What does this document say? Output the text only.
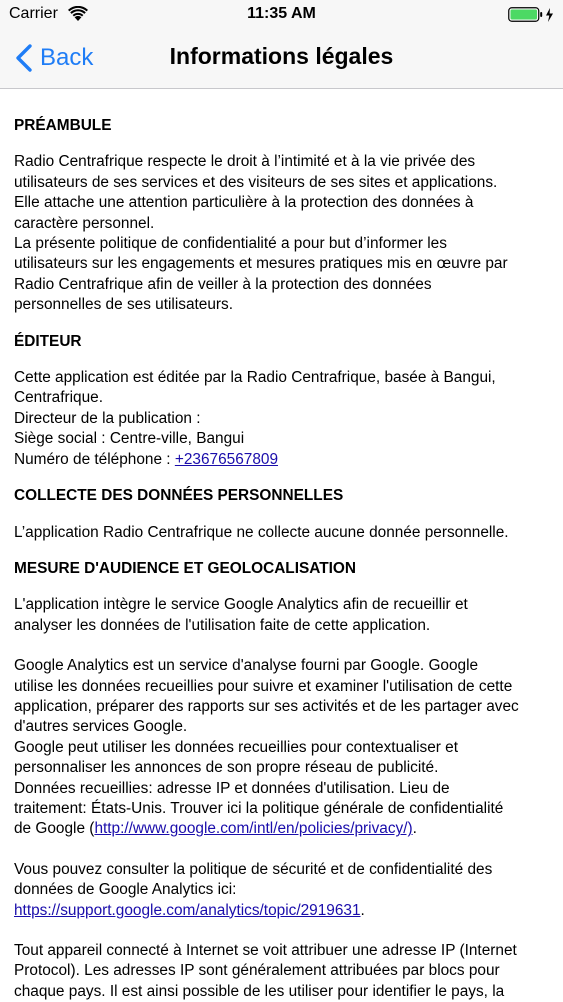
Carrier	11:35 AM
Back	Informations légales

PRÉAMBULE

Radio Centrafrique respecte le droit à l’intimité et à la vie privée des

utilisateurs de ses services et des visiteurs de ses sites et applications.

Elle attache une attention particulière à la protection des données à

caractère personnel.

La présente politique de confidentialité a pour but d’informer les

utilisateurs sur les engagements et mesures pratiques mis en œuvre par

Radio Centrafrique afin de veiller à la protection des données

personnelles de ses utilisateurs.

ÉDITEUR

Cette application est éditée par la Radio Centrafrique, basée à Bangui,

Centrafrique.

Directeur de la publication :

Siège social : Centre-ville, Bangui

Numéro de téléphone : +23676567809

COLLECTE DES DONNÉES PERSONNELLES

L’application Radio Centrafrique ne collecte aucune donnée personnelle.

MESURE D'AUDIENCE ET GEOLOCALISATION

L'application intègre le service Google Analytics afin de recueillir et

analyser les données de l'utilisation faite de cette application.

Google Analytics est un service d'analyse fourni par Google. Google

utilise les données recueillies pour suivre et examiner l'utilisation de cette

application, préparer des rapports sur ses activités et de les partager avec

d'autres services Google.

Google peut utiliser les données recueillies pour contextualiser et

personnaliser les annonces de son propre réseau de publicité.

Données recueillies: adresse IP et données d'utilisation. Lieu de

traitement: États-Unis. Trouver ici la politique générale de confidentialité

de Google (http://www.google.com/intl/en/policies/privacy/).

Vous pouvez consulter la politique de sécurité et de confidentialité des

données de Google Analytics ici:

https://support.google.com/analytics/topic/2919631.

Tout appareil connecté à Internet se voit attribuer une adresse IP (Internet

Protocol). Les adresses IP sont généralement attribuées par blocs pour

chaque pays. Il est ainsi possible de les utiliser pour identifier le pays, la
